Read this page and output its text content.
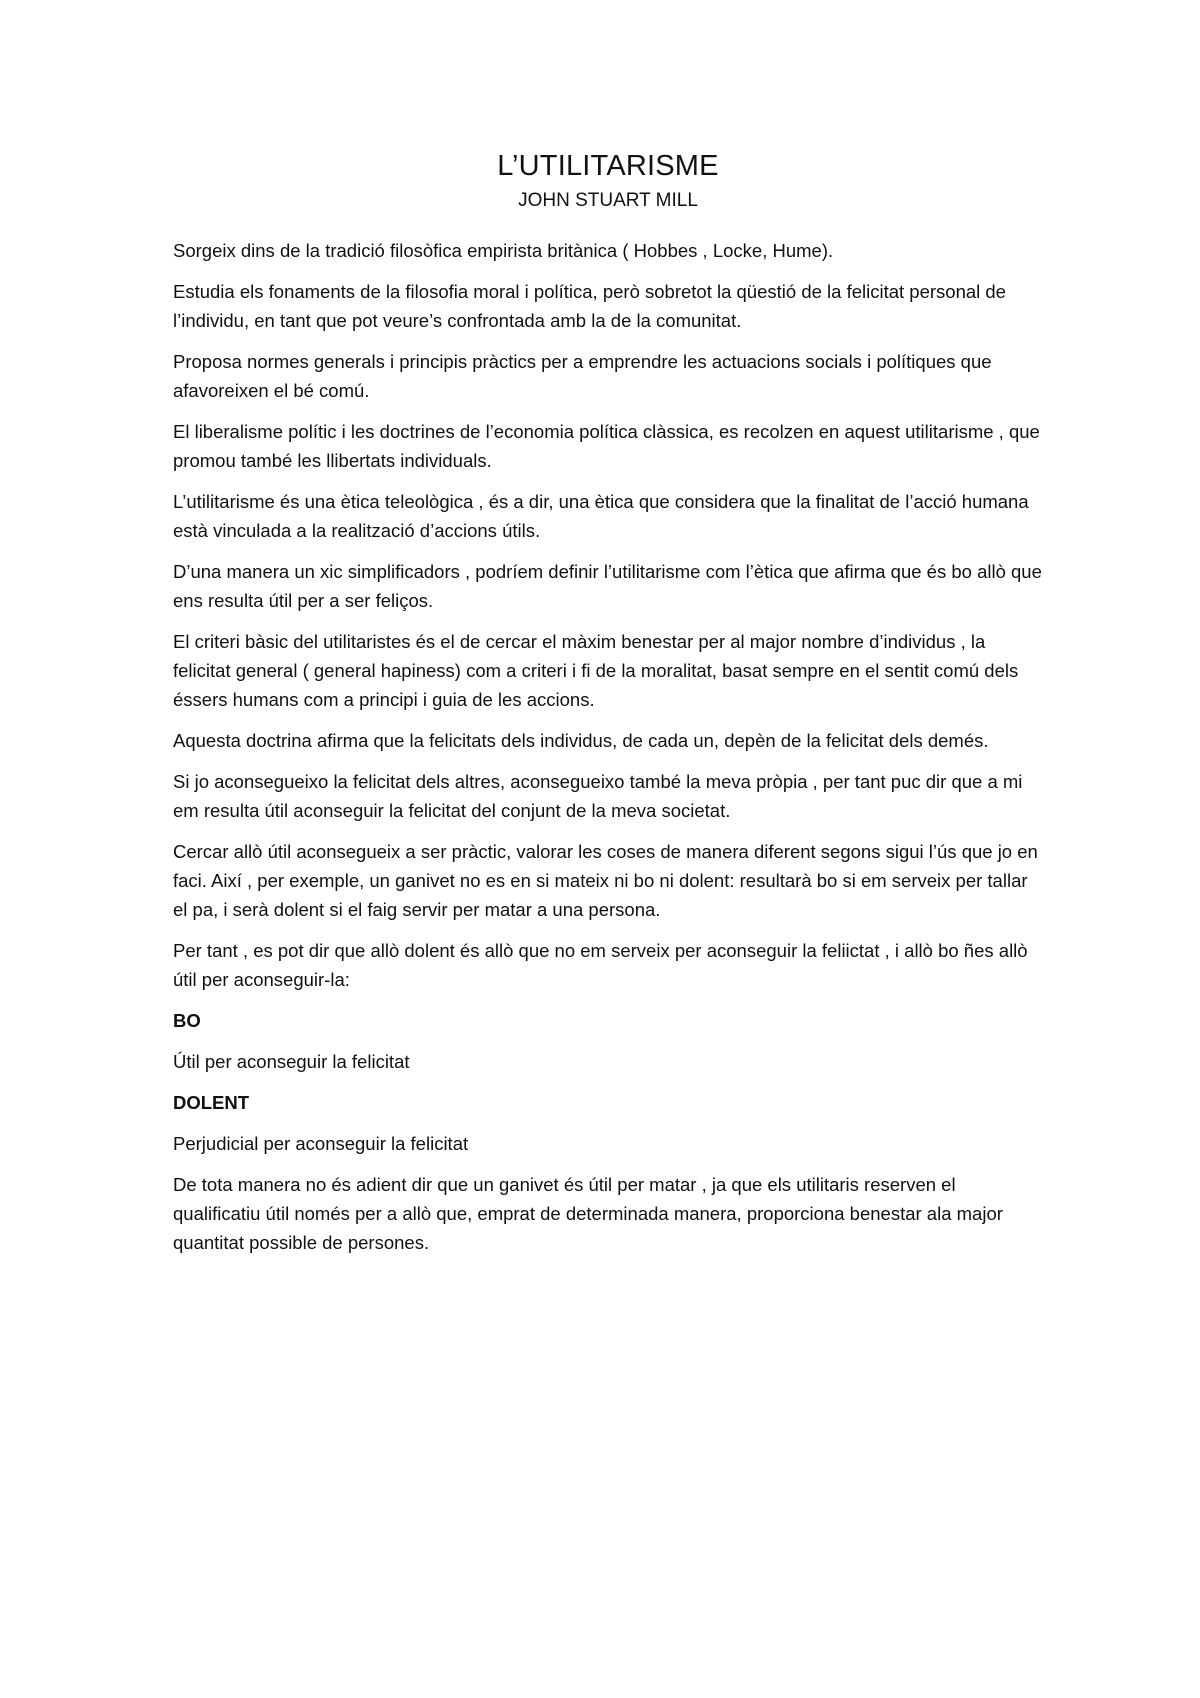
L’UTILITARISME
JOHN STUART MILL

Sorgeix dins de la tradició filosòfica empirista britànica ( Hobbes , Locke, Hume).

Estudia els fonaments de la filosofia moral i política, però sobretot la qüestió de la felicitat personal de l’individu, en tant que pot veure’s confrontada amb la de la comunitat.

Proposa normes generals i principis pràctics per a emprendre les actuacions socials i polítiques que afavoreixen el bé comú.

El liberalisme polític i les doctrines de l’economia política clàssica, es recolzen en aquest utilitarisme , que promou també les llibertats individuals.

L’utilitarisme és una ètica teleològica , és a dir, una ètica que considera que la finalitat de l’acció humana està vinculada a la realització d’accions útils.

D’una manera un xic simplificadors , podríem definir l’utilitarisme com l’ètica que afirma que és bo allò que ens resulta útil per a ser feliços.

El criteri bàsic del utilitaristes és el de cercar el màxim benestar per al major nombre d’individus , la felicitat general ( general hapiness) com a criteri i fi de la moralitat, basat sempre en el sentit comú dels éssers humans com a principi i guia de les accions.

Aquesta doctrina afirma que la felicitats dels individus, de cada un, depèn de la felicitat dels demés.

Si jo aconsegueixo la felicitat dels altres, aconsegueixo també la meva pròpia , per tant puc dir que a mi em resulta útil aconseguir la felicitat del conjunt de la meva societat.

Cercar allò útil aconsegueix a ser pràctic, valorar les coses de manera diferent segons sigui l’ús que jo en faci. Així , per exemple, un ganivet no es en si mateix ni bo ni dolent: resultarà bo si em serveix per tallar el pa, i serà dolent si el faig servir per matar a una persona.

Per tant , es pot dir que allò dolent és allò que no em serveix per aconseguir la feliictat , i allò bo ñes allò útil per aconseguir-la:

BO

Útil per aconseguir la felicitat

DOLENT

Perjudicial per aconseguir la felicitat

De tota manera no és adient dir que un ganivet és útil per matar , ja que els utilitaris reserven el qualificatiu útil només per a allò que, emprat de determinada manera, proporciona benestar ala major quantitat possible de persones.
